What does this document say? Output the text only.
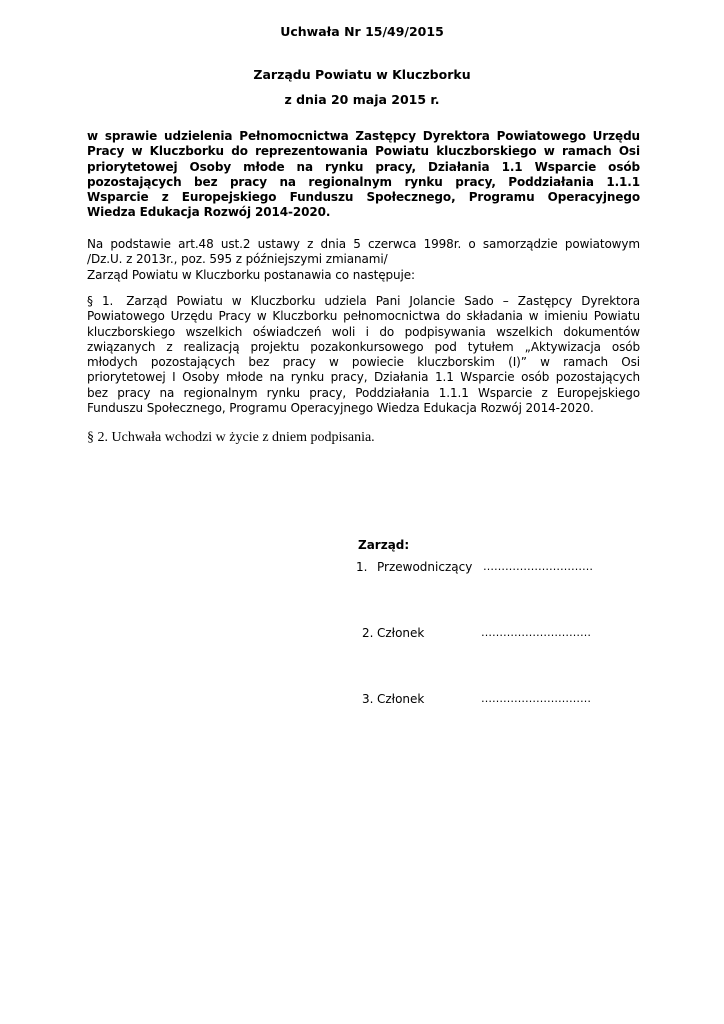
Uchwała Nr 15/49/2015
Zarządu Powiatu w Kluczborku
z dnia 20 maja 2015 r.
w sprawie udzielenia Pełnomocnictwa Zastępcy Dyrektora Powiatowego Urzędu
Pracy w Kluczborku do reprezentowania Powiatu kluczborskiego w ramach Osi
priorytetowej Osoby młode na rynku pracy, Działania 1.1 Wsparcie osób
pozostających bez pracy na regionalnym rynku pracy, Poddziałania 1.1.1
Wsparcie z Europejskiego Funduszu Społecznego, Programu Operacyjnego
Wiedza Edukacja Rozwój 2014-2020.
Na podstawie art.48 ust.2 ustawy z dnia 5 czerwca 1998r. o samorządzie powiatowym
/Dz.U. z 2013r., poz. 595 z późniejszymi zmianami/
Zarząd Powiatu w Kluczborku postanawia co następuje:
§ 1. Zarząd Powiatu w Kluczborku udziela Pani Jolancie Sado – Zastępcy Dyrektora
Powiatowego Urzędu Pracy w Kluczborku pełnomocnictwa do składania w imieniu Powiatu
kluczborskiego wszelkich oświadczeń woli i do podpisywania wszelkich dokumentów
związanych z realizacją projektu pozakonkursowego pod tytułem „Aktywizacja osób
młodych pozostających bez pracy w powiecie kluczborskim (I)” w ramach Osi
priorytetowej I Osoby młode na rynku pracy, Działania 1.1 Wsparcie osób pozostających
bez pracy na regionalnym rynku pracy, Poddziałania 1.1.1 Wsparcie z Europejskiego
Funduszu Społecznego, Programu Operacyjnego Wiedza Edukacja Rozwój 2014-2020.
§ 2. Uchwała wchodzi w życie z dniem podpisania.
Zarząd:
1. Przewodniczący …………………………
2. Członek	…………………………
3. Członek	…………………………
